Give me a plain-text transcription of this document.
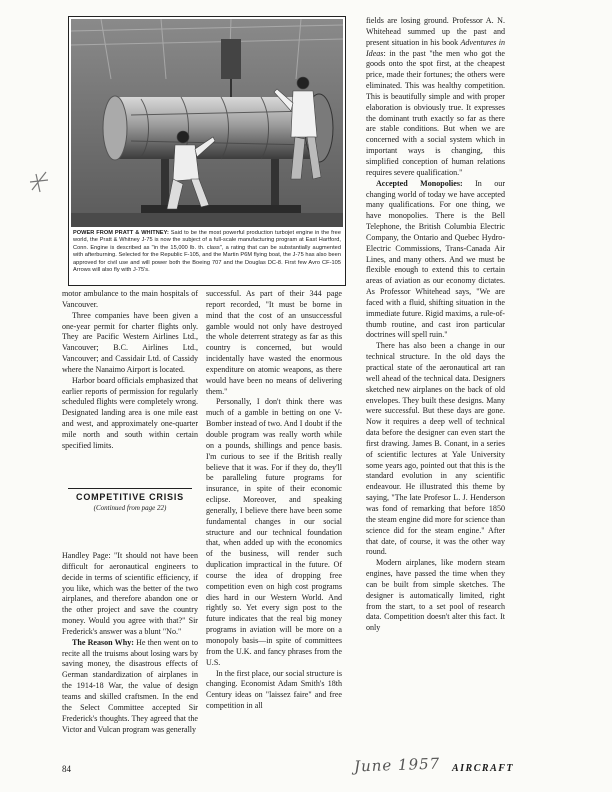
POWER FROM PRATT & WHITNEY: Said to be the most powerful production turbojet engine in the free world, the Pratt & Whitney J-75 is now the subject of a full-scale manufacturing program at East Hartford, Conn. Engine is described as "in the 15,000 lb. th. class", a rating that can be substantially augmented with afterburning. Selected for the Republic F-105, and the Martin P6M flying boat, the J-75 has also been approved for civil use and will power both the Boeing 707 and the Douglas DC-8. First few Avro CF-105 Arrows will also fly with J-75's.

motor ambulance to the main hospitals of Vancouver.

Three companies have been given a one-year permit for charter flights only. They are Pacific Western Airlines Ltd., Vancouver; B.C. Airlines Ltd., Vancouver; and Cassidair Ltd. of Cassidy where the Nanaimo Airport is located.

Harbor board officials emphasized that earlier reports of permission for regularly scheduled flights were completely wrong. Designated landing area is one mile east and west, and approximately one-quarter mile north and south within certain specified limits.

COMPETITIVE CRISIS
(Continued from page 22)

Handley Page: "It should not have been difficult for aeronautical engineers to decide in terms of scientific efficiency, if you like, which was the better of the two airplanes, and therefore abandon one or the other project and save the country money. Would you agree with that?" Sir Frederick's answer was a blunt "No."

The Reason Why: He then went on to recite all the truisms about losing wars by saving money, the disastrous effects of German standardization of airplanes in the 1914-18 War, the value of design teams and skilled craftsmen. In the end the Select Committee accepted Sir Frederick's thoughts. They agreed that the Victor and Vulcan program was generally

successful. As part of their 344 page report recorded, "It must be borne in mind that the cost of an unsuccessful gamble would not only have destroyed the whole deterrent strategy as far as this country is concerned, but would incidentally have wasted the enormous expenditure on atomic weapons, as there would have been no means of delivering them."

Personally, I don't think there was much of a gamble in betting on one V-Bomber instead of two. And I doubt if the double program was really worth while on a pounds, shillings and pence basis. I'm curious to see if the British really believe that it was. For if they do, they'll be paralleling future programs for insurance, in spite of their economic eclipse. Moreover, and speaking generally, I believe there have been some fundamental changes in our social structure and our technical foundation that, when added up with the economics of the business, will render such duplication impractical in the future. Of course the idea of dropping free competition even on high cost programs dies hard in our Western World. And rightly so. Yet every sign post to the future indicates that the real big money programs in aviation will be more on a monopoly basis—in spite of committees from the U.K. and fancy phrases from the U.S.

In the first place, our social structure is changing. Economist Adam Smith's 18th Century ideas on "laissez faire" and free competition in all

fields are losing ground. Professor A. N. Whitehead summed up the past and present situation in his book Adventures in Ideas: in the past "the men who got the goods onto the spot first, at the cheapest price, made their fortunes; the others were eliminated. This was healthy competition. This is beautifully simple and with proper elaboration is obviously true. It expresses the dominant truth exactly so far as there are stable conditions. But when we are concerned with a social system which in important ways is changing, this simplified conception of human relations requires severe qualification."

Accepted Monopolies: In our changing world of today we have accepted many qualifications. For one thing, we have monopolies. There is the Bell Telephone, the British Columbia Electric Company, the Ontario and Quebec Hydro-Electric Commissions, Trans-Canada Air Lines, and many others. And we must be flexible enough to extend this to certain areas of aviation as our economy dictates. As Professor Whitehead says, "We are faced with a fluid, shifting situation in the immediate future. Rigid maxims, a rule-of-thumb routine, and cast iron particular doctrines will spell ruin."

There has also been a change in our technical structure. In the old days the practical state of the aeronautical art ran well ahead of the technical data. Designers sketched new airplanes on the back of old envelopes. They built these designs. Many were successful. But these days are gone. Now it requires a deep well of technical data before the designer can even start the first drawing. James B. Conant, in a series of scientific lectures at Yale University some years ago, pointed out that this is the standard evolution in any scientific endeavour. He illustrated this theme by saying, "The late Profesor L. J. Henderson was fond of remarking that before 1850 the steam engine did more for science than science did for the steam engine." After that date, of course, it was the other way round.

Modern airplanes, like modern steam engines, have passed the time when they can be built from simple sketches. The designer is automatically limited, right from the start, to a set pool of research data. Competition doesn't alter this fact. It only

84	June 1957 AIRCRAFT
